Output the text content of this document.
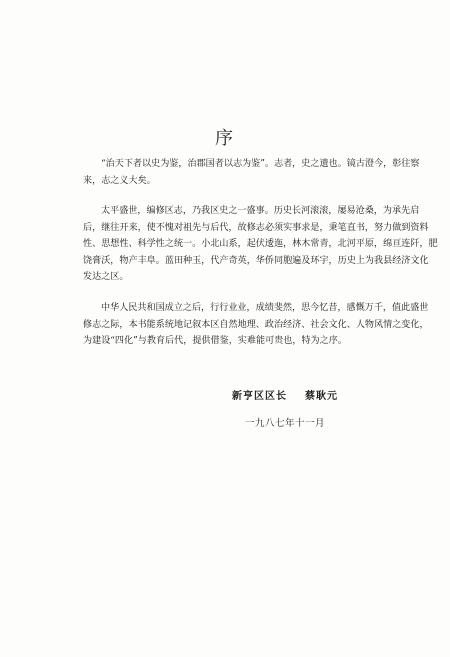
序

“治天下者以史为鉴，治郡国者以志为鉴”。志者，史之遗也。镜古澄今，彰往察
来，志之义大矣。

太平盛世，编修区志，乃我区史之一盛事。历史长河滚滚，屡易沧桑，为承先启
后，继往开来，使不愧对祖先与后代，故修志必须实事求是，秉笔直书，努力做到资料
性、思想性、科学性之统一。小北山系，起伏逶迤，林木常青，北河平原，绵亘连阡，肥
饶膏沃，物产丰阜。蓝田种玉，代产奇英，华侨同胞遍及环宇，历史上为我县经济文化
发达之区。

中华人民共和国成立之后，行行业业，成绩斐然，思今忆昔，感慨万千，值此盛世
修志之际，本书能系统地记叙本区自然地理、政治经济、社会文化、人物风情之变化，
为建设“四化”与教育后代，提供借鉴，实难能可贵也，特为之序。

新亨区区长 蔡耿元
一九八七年十一月
